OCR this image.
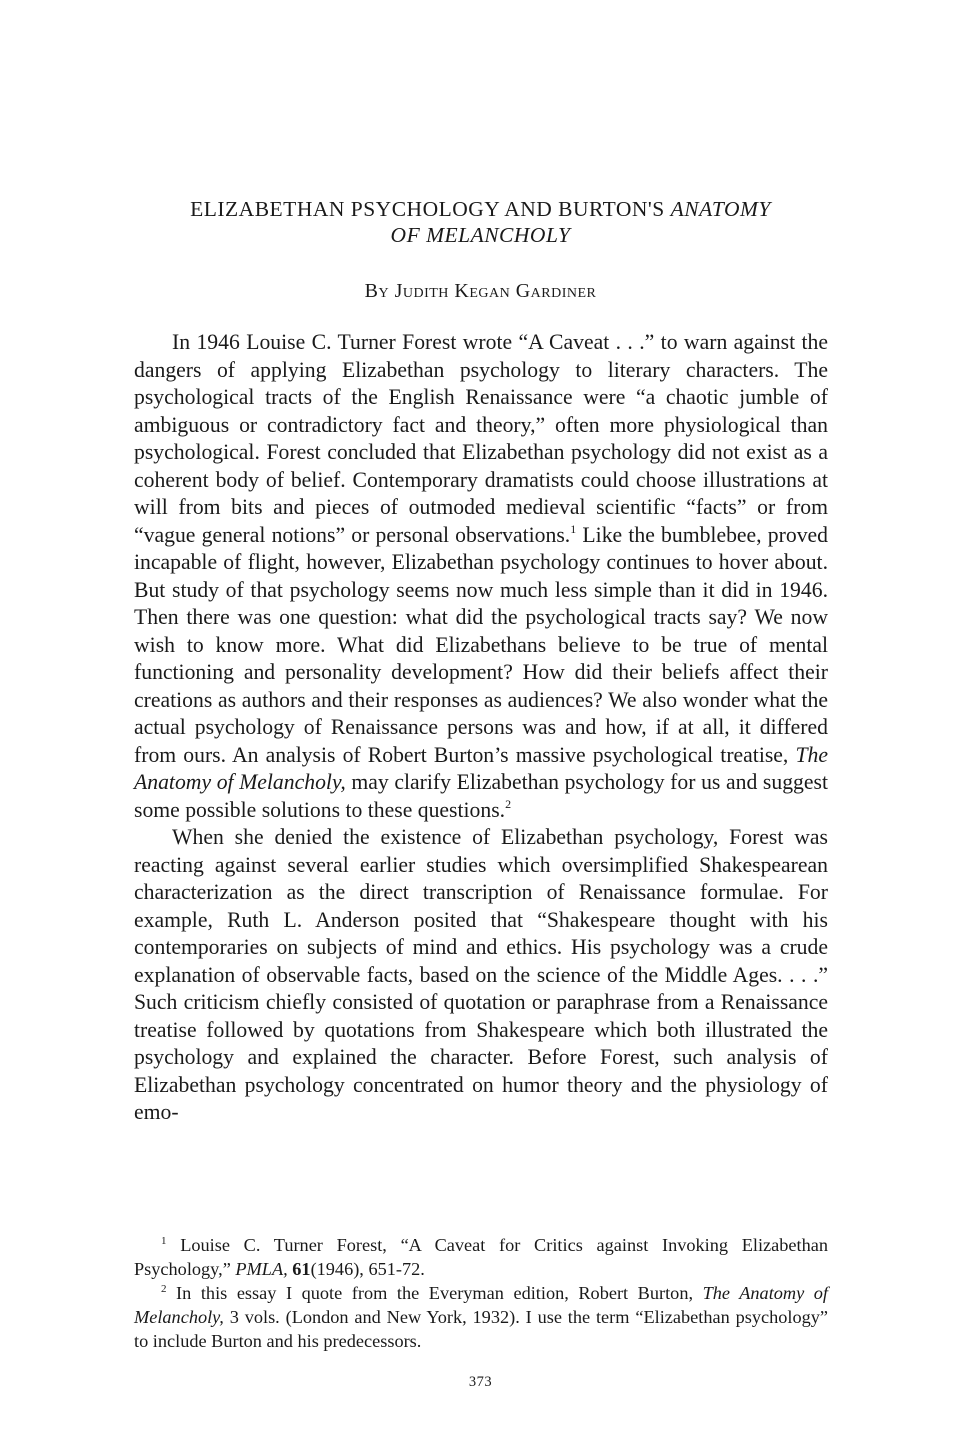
ELIZABETHAN PSYCHOLOGY AND BURTON'S ANATOMY
OF MELANCHOLY

By Judith Kegan Gardiner

In 1946 Louise C. Turner Forest wrote “A Caveat . . .” to warn against the dangers of applying Elizabethan psychology to literary characters. The psychological tracts of the English Renaissance were “a chaotic jumble of ambiguous or contradictory fact and theory,” often more physiological than psychological. Forest concluded that Elizabethan psychology did not exist as a coherent body of belief. Contemporary dramatists could choose illustrations at will from bits and pieces of outmoded medieval scientific “facts” or from “vague general notions” or personal observations.$^1$ Like the bumblebee, proved incapable of flight, however, Elizabethan psychology continues to hover about. But study of that psychology seems now much less simple than it did in 1946. Then there was one question: what did the psychological tracts say? We now wish to know more. What did Elizabethans believe to be true of mental functioning and personality development? How did their beliefs affect their creations as authors and their responses as audiences? We also wonder what the actual psychology of Renaissance persons was and how, if at all, it differed from ours. An analysis of Robert Burton’s massive psychological treatise, The Anatomy of Melancholy, may clarify Elizabethan psychology for us and suggest some possible solutions to these questions.$^2$

When she denied the existence of Elizabethan psychology, Forest was reacting against several earlier studies which oversimplified Shakespearean characterization as the direct transcription of Renaissance formulae. For example, Ruth L. Anderson posited that “Shakespeare thought with his contemporaries on subjects of mind and ethics. His psychology was a crude explanation of observable facts, based on the science of the Middle Ages. . . .” Such criticism chiefly consisted of quotation or paraphrase from a Renaissance treatise followed by quotations from Shakespeare which both illustrated the psychology and explained the character. Before Forest, such analysis of Elizabethan psychology concentrated on humor theory and the physiology of emo-

$^1$ Louise C. Turner Forest, “A Caveat for Critics against Invoking Elizabethan Psychology,” PMLA, 61(1946), 651-72.

$^2$ In this essay I quote from the Everyman edition, Robert Burton, The Anatomy of Melancholy, 3 vols. (London and New York, 1932). I use the term “Elizabethan psychology” to include Burton and his predecessors.

373
